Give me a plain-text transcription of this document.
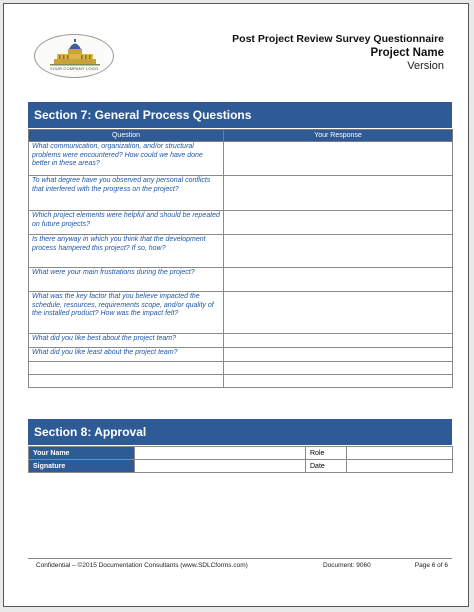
YOUR COMPANY LOGO
Post Project Review Survey Questionnaire
Project Name
Version
Section 7: General Process Questions
Question	Your Response
What communication, organization, and/or structural problems were encountered? How could we have done better in these areas?	
To what degree have you observed any personal conflicts that interfered with the progress on the project?	
Which project elements were helpful and should be repeated on future projects?	
Is there anyway in which you think that the development process hampered this project? If so, how?	
What were your main frustrations during the project?	
What was the key factor that you believe impacted the schedule, resources, requirements scope, and/or quality of the installed product? How was the impact felt?	
What did you like best about the project team?	
What did you like least about the project team?	

Section 8: Approval
Your Name		Role	
Signature		Date	
Confidential – ©2015 Documentation Consultants (www.SDLCforms.com)	Document: 9060	Page 6 of 6
